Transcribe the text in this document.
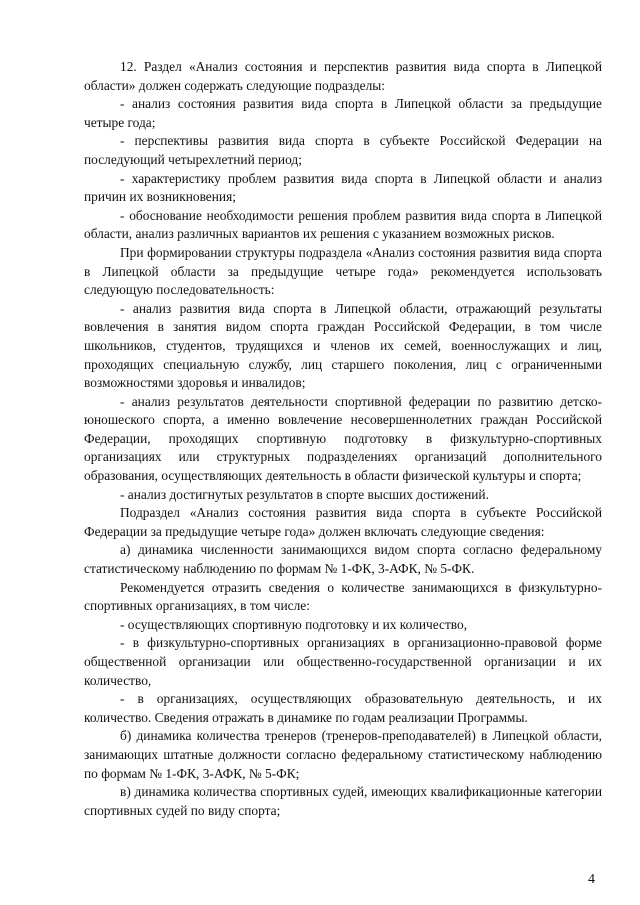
12. Раздел «Анализ состояния и перспектив развития вида спорта в Липецкой области» должен содержать следующие подразделы:

- анализ состояния развития вида спорта в Липецкой области за предыдущие четыре года;

- перспективы развития вида спорта в субъекте Российской Федерации на последующий четырехлетний период;

- характеристику проблем развития вида спорта в Липецкой области и анализ причин их возникновения;

- обоснование необходимости решения проблем развития вида спорта в Липецкой области, анализ различных вариантов их решения с указанием возможных рисков.

При формировании структуры подраздела «Анализ состояния развития вида спорта в Липецкой области за предыдущие четыре года» рекомендуется использовать следующую последовательность:

- анализ развития вида спорта в Липецкой области, отражающий результаты вовлечения в занятия видом спорта граждан Российской Федерации, в том числе школьников, студентов, трудящихся и членов их семей, военнослужащих и лиц, проходящих специальную службу, лиц старшего поколения, лиц с ограниченными возможностями здоровья и инвалидов;

- анализ результатов деятельности спортивной федерации по развитию детско-юношеского спорта, а именно вовлечение несовершеннолетних граждан Российской Федерации, проходящих спортивную подготовку в физкультурно-спортивных организациях или структурных подразделениях организаций дополнительного образования, осуществляющих деятельность в области физической культуры и спорта;

- анализ достигнутых результатов в спорте высших достижений.

Подраздел «Анализ состояния развития вида спорта в субъекте Российской Федерации за предыдущие четыре года» должен включать следующие сведения:

а) динамика численности занимающихся видом спорта согласно федеральному статистическому наблюдению по формам № 1-ФК, 3-АФК, № 5-ФК.

Рекомендуется отразить сведения о количестве занимающихся в физкультурно-спортивных организациях, в том числе:

- осуществляющих спортивную подготовку и их количество,

- в физкультурно-спортивных организациях в организационно-правовой форме общественной организации или общественно-государственной организации и их количество,

- в организациях, осуществляющих образовательную деятельность, и их количество. Сведения отражать в динамике по годам реализации Программы.

б) динамика количества тренеров (тренеров-преподавателей) в Липецкой области, занимающих штатные должности согласно федеральному статистическому наблюдению по формам № 1-ФК, 3-АФК, № 5-ФК;

в) динамика количества спортивных судей, имеющих квалификационные категории спортивных судей по виду спорта;

4
